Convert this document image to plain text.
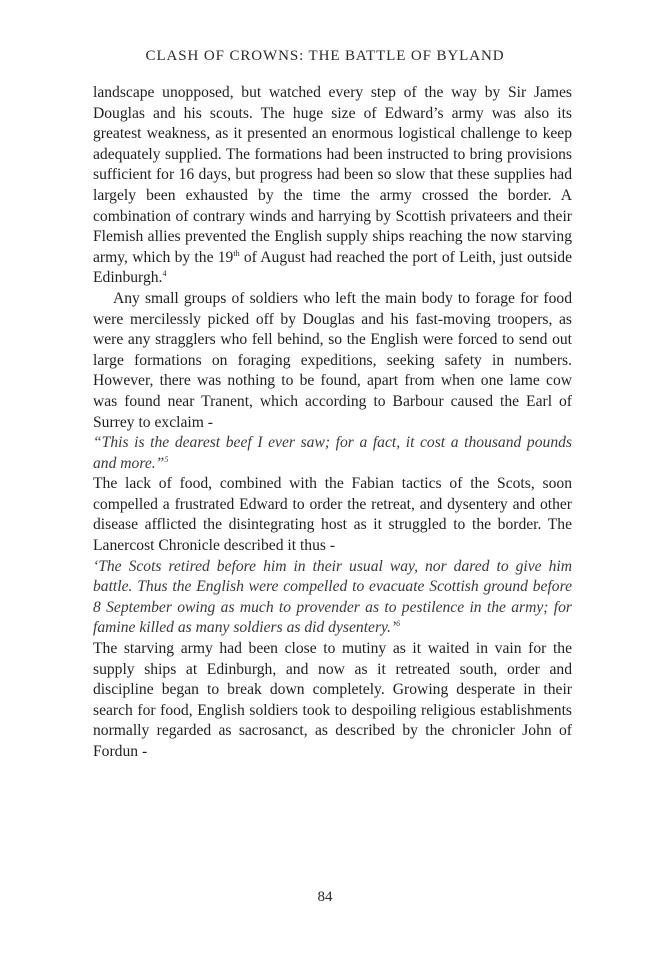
CLASH OF CROWNS: THE BATTLE OF BYLAND

landscape unopposed, but watched every step of the way by Sir James Douglas and his scouts. The huge size of Edward’s army was also its greatest weakness, as it presented an enormous logistical challenge to keep adequately supplied. The formations had been instructed to bring provisions sufficient for 16 days, but progress had been so slow that these supplies had largely been exhausted by the time the army crossed the border. A combination of contrary winds and harrying by Scottish privateers and their Flemish allies prevented the English supply ships reaching the now starving army, which by the 19th of August had reached the port of Leith, just outside Edinburgh.$^4$

Any small groups of soldiers who left the main body to forage for food were mercilessly picked off by Douglas and his fast-moving troopers, as were any stragglers who fell behind, so the English were forced to send out large formations on foraging expeditions, seeking safety in numbers. However, there was nothing to be found, apart from when one lame cow was found near Tranent, which according to Barbour caused the Earl of Surrey to exclaim -

“This is the dearest beef I ever saw; for a fact, it cost a thousand pounds and more.”$^5$

The lack of food, combined with the Fabian tactics of the Scots, soon compelled a frustrated Edward to order the retreat, and dysentery and other disease afflicted the disintegrating host as it struggled to the border. The Lanercost Chronicle described it thus -

‘The Scots retired before him in their usual way, nor dared to give him battle. Thus the English were compelled to evacuate Scottish ground before 8 September owing as much to provender as to pestilence in the army; for famine killed as many soldiers as did dysentery.’$^6$

The starving army had been close to mutiny as it waited in vain for the supply ships at Edinburgh, and now as it retreated south, order and discipline began to break down completely. Growing desperate in their search for food, English soldiers took to despoiling religious establishments normally regarded as sacrosanct, as described by the chronicler John of Fordun -

84
